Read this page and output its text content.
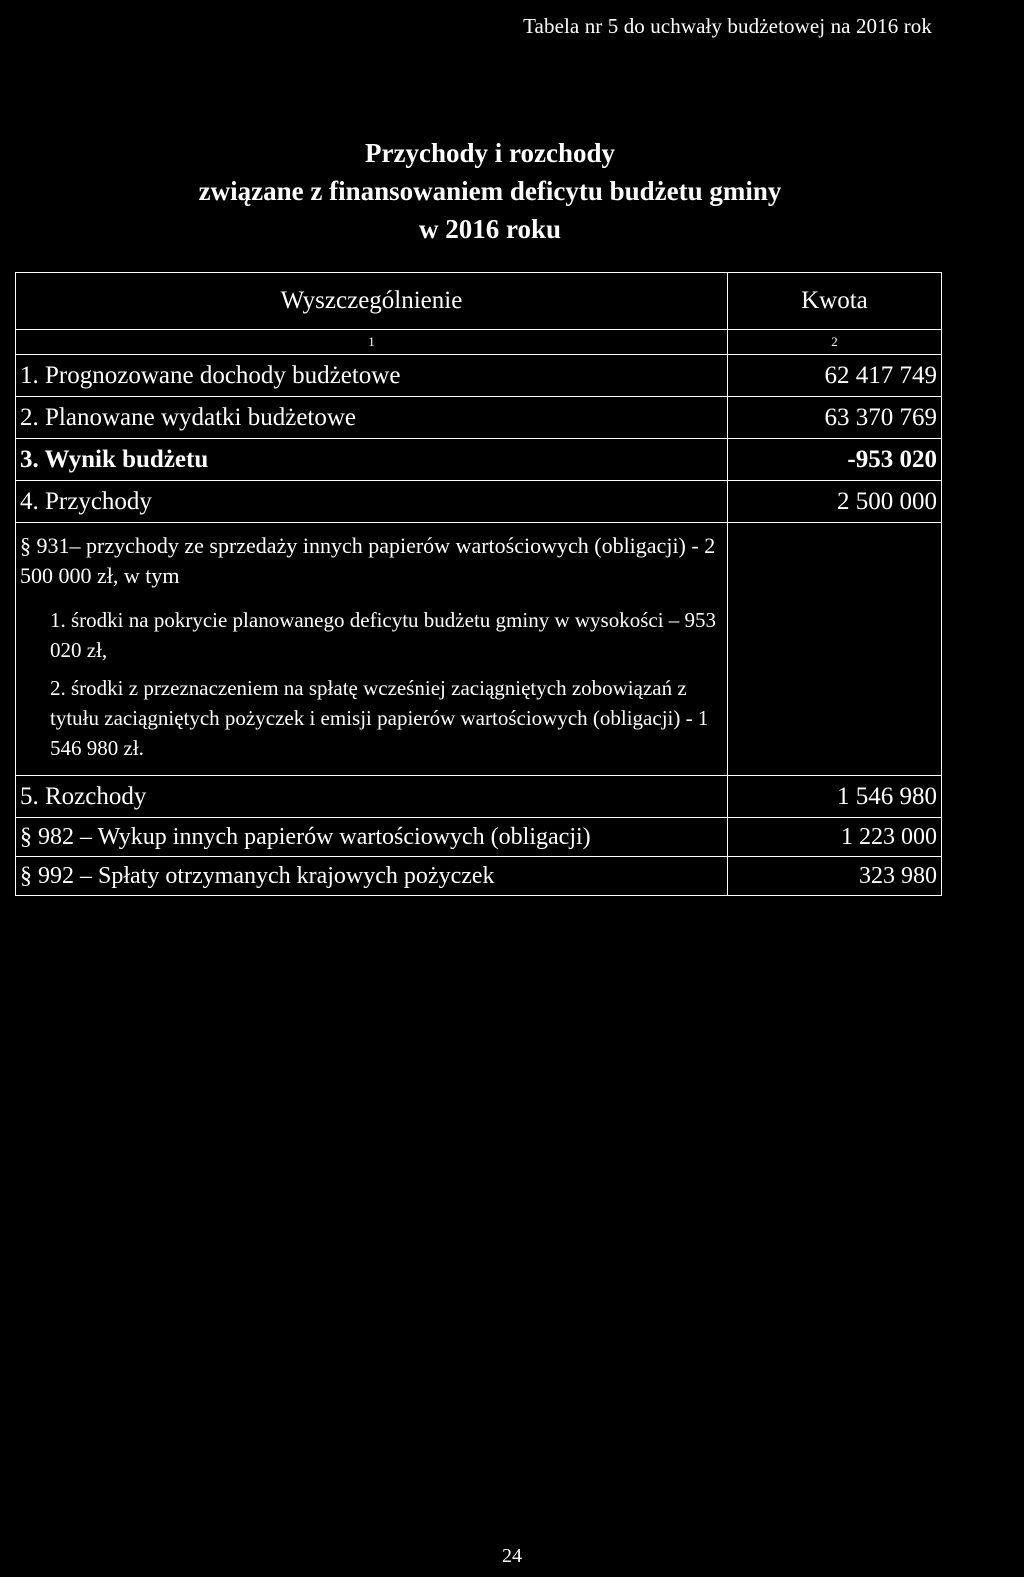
Tabela nr 5 do uchwały budżetowej na 2016 rok
Przychody i rozchody
związane z finansowaniem deficytu budżetu gminy
w 2016 roku
Wyszczególnienie	Kwota
1	2
1. Prognozowane dochody budżetowe	62 417 749
2. Planowane wydatki budżetowe	63 370 769
3. Wynik budżetu	-953 020
4. Przychody	2 500 000

§ 931– przychody ze sprzedaży innych papierów wartościowych (obligacji) - 2 500 000 zł, w tym

1. środki na pokrycie planowanego deficytu budżetu gminy w wysokości – 953 020 zł,

2. środki z przeznaczeniem na spłatę wcześniej zaciągniętych zobowiązań z tytułu zaciągniętych pożyczek i emisji papierów wartościowych (obligacji) - 1 546 980 zł.	

5. Rozchody	1 546 980
§ 982 – Wykup innych papierów wartościowych (obligacji)	1 223 000
§ 992 – Spłaty otrzymanych krajowych pożyczek	323 980
24
